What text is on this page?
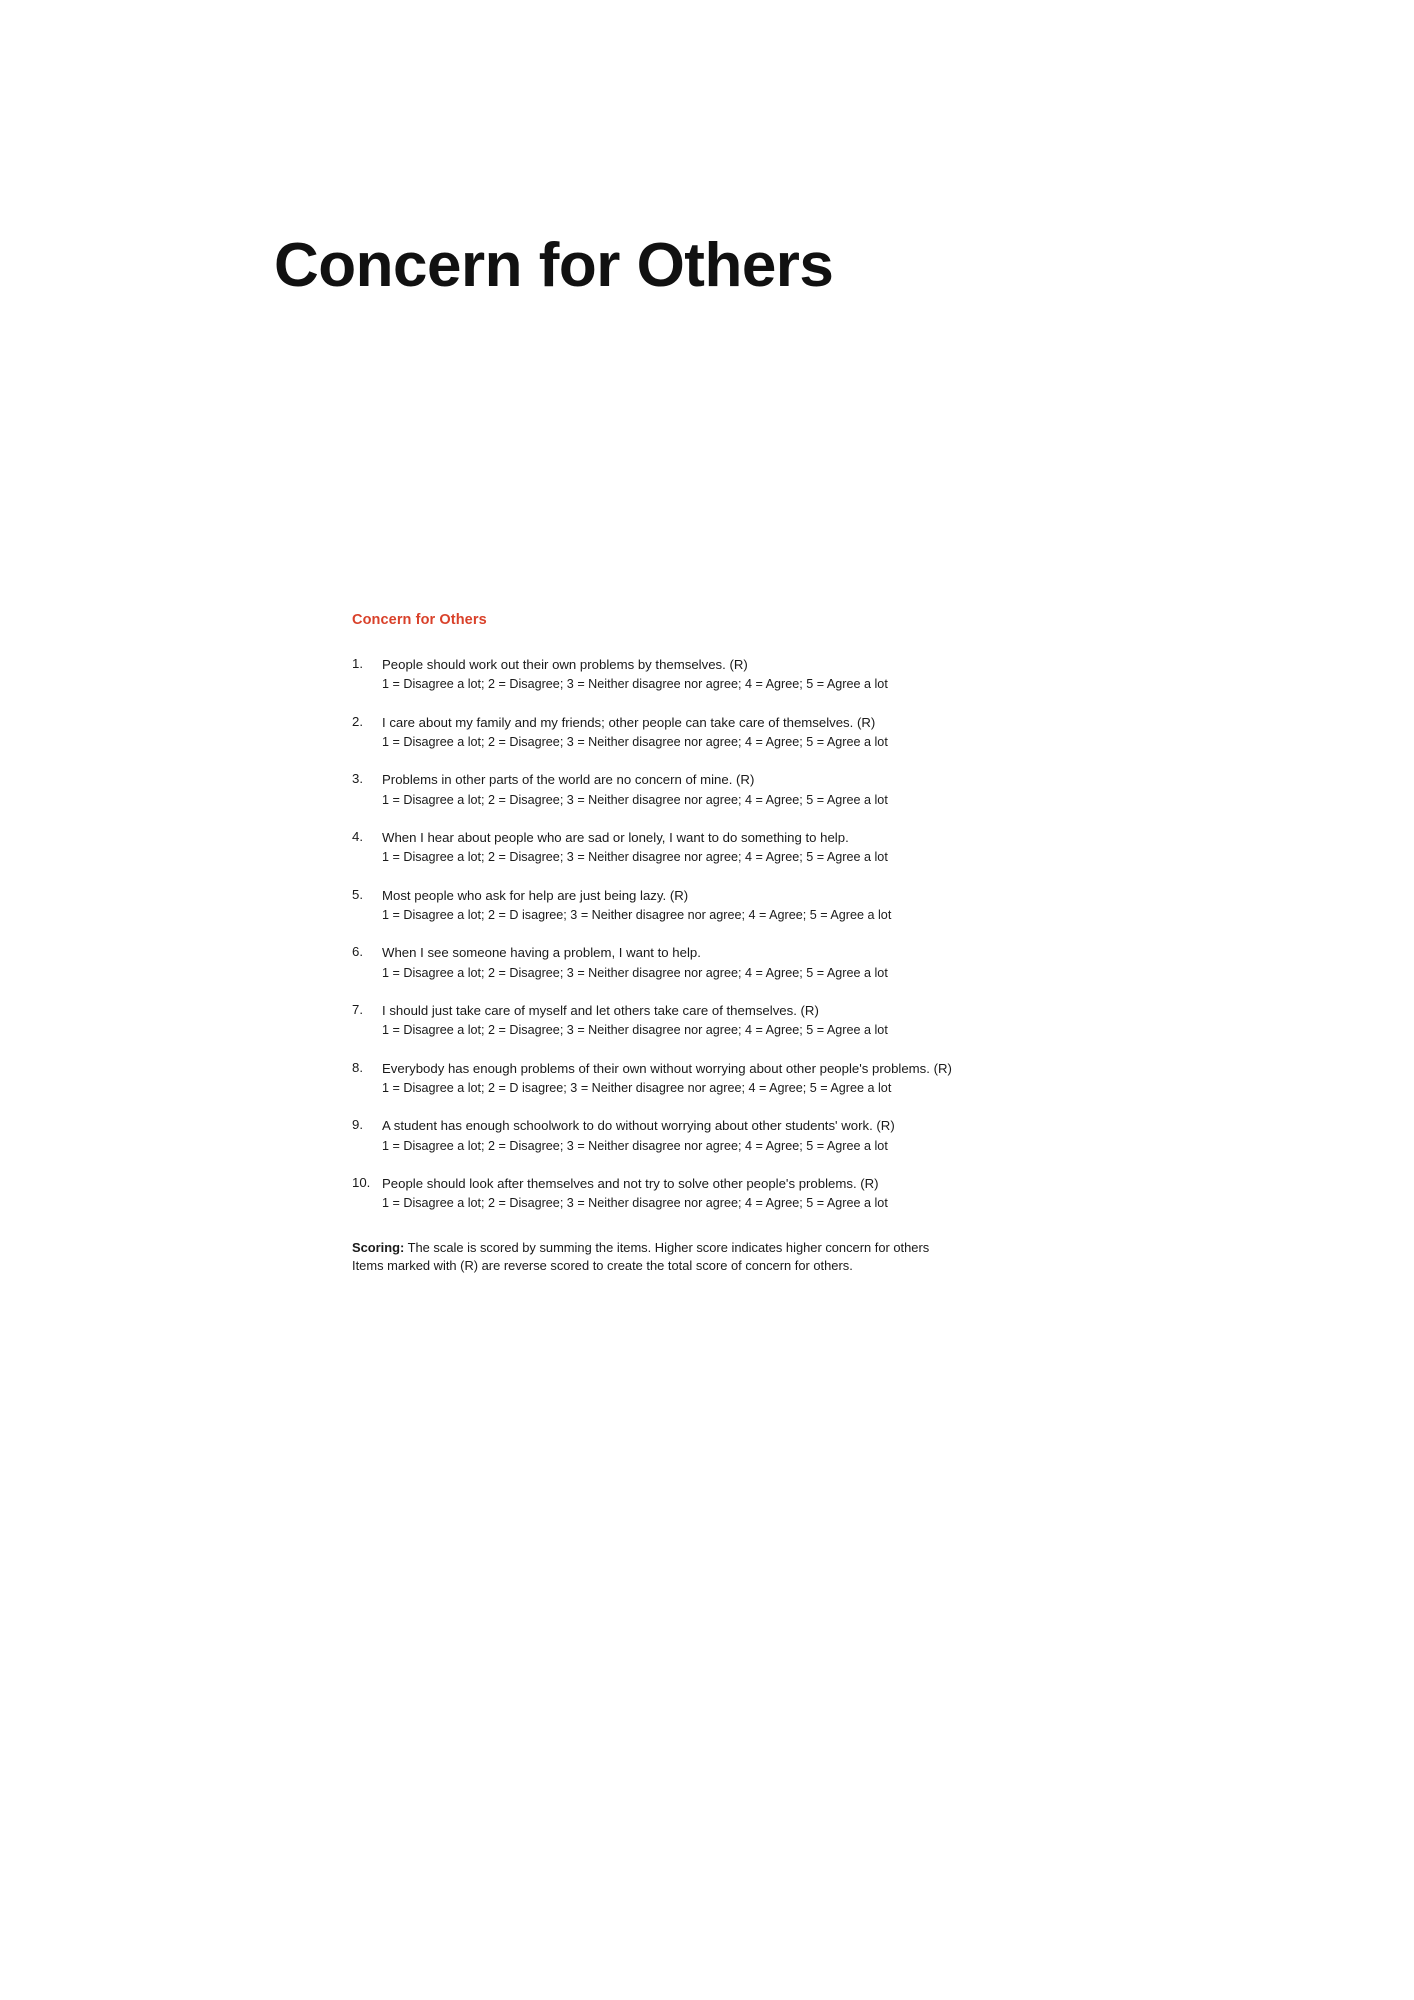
Concern for Others
Concern for Others
1. People should work out their own problems by themselves. (R)
1 = Disagree a lot; 2 = Disagree; 3 = Neither disagree nor agree; 4 = Agree; 5 = Agree a lot
2. I care about my family and my friends; other people can take care of themselves. (R)
1 = Disagree a lot; 2 = Disagree; 3 = Neither disagree nor agree; 4 = Agree; 5 = Agree a lot
3. Problems in other parts of the world are no concern of mine. (R)
1 = Disagree a lot; 2 = Disagree; 3 = Neither disagree nor agree; 4 = Agree; 5 = Agree a lot
4. When I hear about people who are sad or lonely, I want to do something to help.
1 = Disagree a lot; 2 = Disagree; 3 = Neither disagree nor agree; 4 = Agree; 5 = Agree a lot
5. Most people who ask for help are just being lazy. (R)
1 = Disagree a lot; 2 = D isagree; 3 = Neither disagree nor agree; 4 = Agree; 5 = Agree a lot
6. When I see someone having a problem, I want to help.
1 = Disagree a lot; 2 = Disagree; 3 = Neither disagree nor agree; 4 = Agree; 5 = Agree a lot
7. I should just take care of myself and let others take care of themselves. (R)
1 = Disagree a lot; 2 = Disagree; 3 = Neither disagree nor agree; 4 = Agree; 5 = Agree a lot
8. Everybody has enough problems of their own without worrying about other people's problems. (R)
1 = Disagree a lot; 2 = D isagree; 3 = Neither disagree nor agree; 4 = Agree; 5 = Agree a lot
9. A student has enough schoolwork to do without worrying about other students' work. (R)
1 = Disagree a lot; 2 = Disagree; 3 = Neither disagree nor agree; 4 = Agree; 5 = Agree a lot
10. People should look after themselves and not try to solve other people's problems. (R)
1 = Disagree a lot; 2 = Disagree; 3 = Neither disagree nor agree; 4 = Agree; 5 = Agree a lot
Scoring: The scale is scored by summing the items. Higher score indicates higher concern for others
Items marked with (R) are reverse scored to create the total score of concern for others.
